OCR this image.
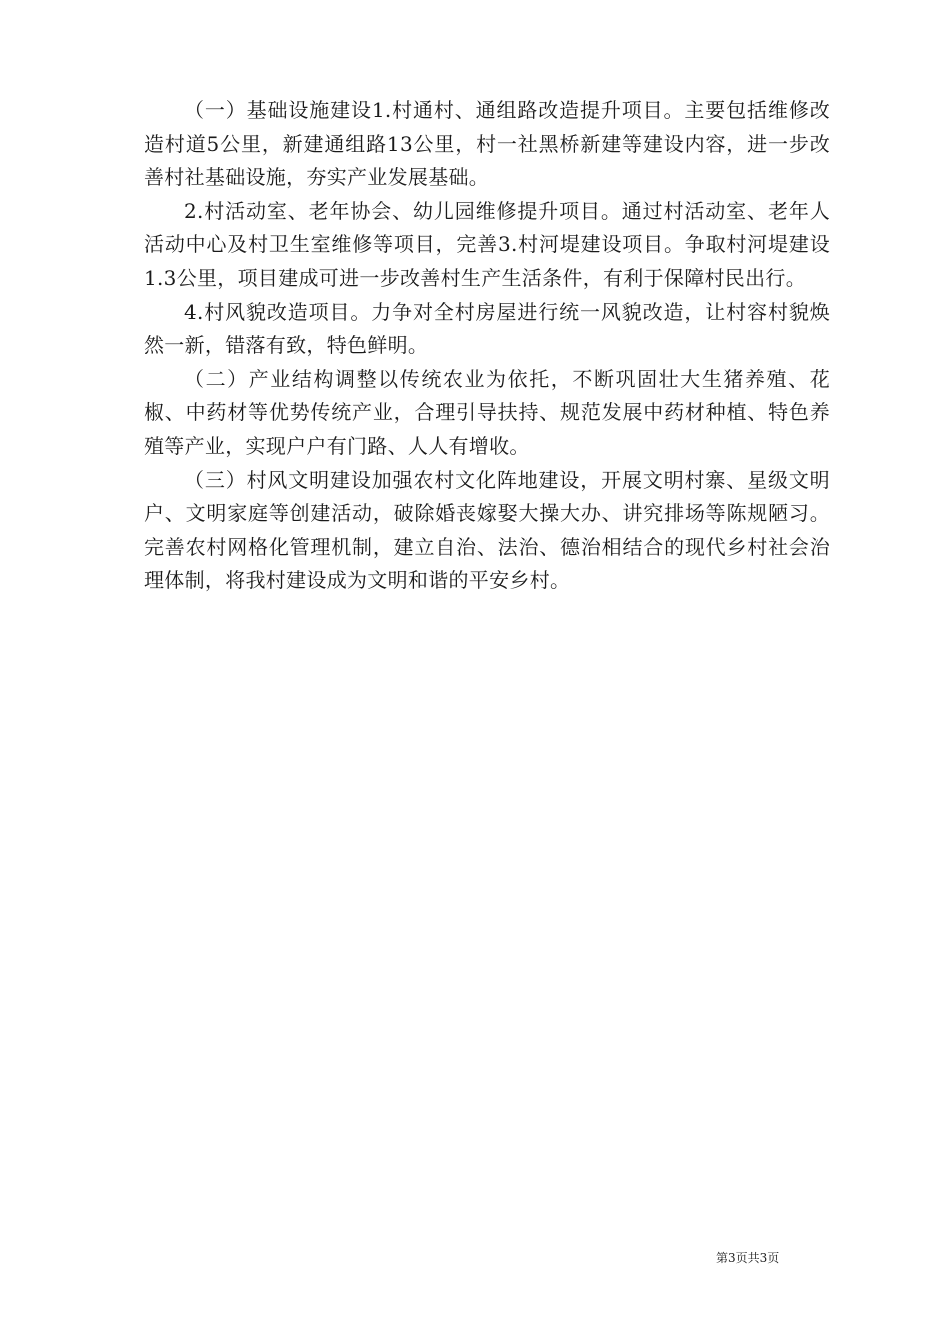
（一）基础设施建设1.村通村、通组路改造提升项目。主要包括维修改造村道5公里，新建通组路13公里，村一社黑桥新建等建设内容，进一步改善村社基础设施，夯实产业发展基础。

2.村活动室、老年协会、幼儿园维修提升项目。通过村活动室、老年人活动中心及村卫生室维修等项目，完善3.村河堤建设项目。争取村河堤建设1.3公里，项目建成可进一步改善村生产生活条件，有利于保障村民出行。

4.村风貌改造项目。力争对全村房屋进行统一风貌改造，让村容村貌焕然一新，错落有致，特色鲜明。

（二）产业结构调整以传统农业为依托，不断巩固壮大生猪养殖、花椒、中药材等优势传统产业，合理引导扶持、规范发展中药材种植、特色养殖等产业，实现户户有门路、人人有增收。

（三）村风文明建设加强农村文化阵地建设，开展文明村寨、星级文明户、文明家庭等创建活动，破除婚丧嫁娶大操大办、讲究排场等陈规陋习。完善农村网格化管理机制，建立自治、法治、德治相结合的现代乡村社会治理体制，将我村建设成为文明和谐的平安乡村。

第3页共3页
